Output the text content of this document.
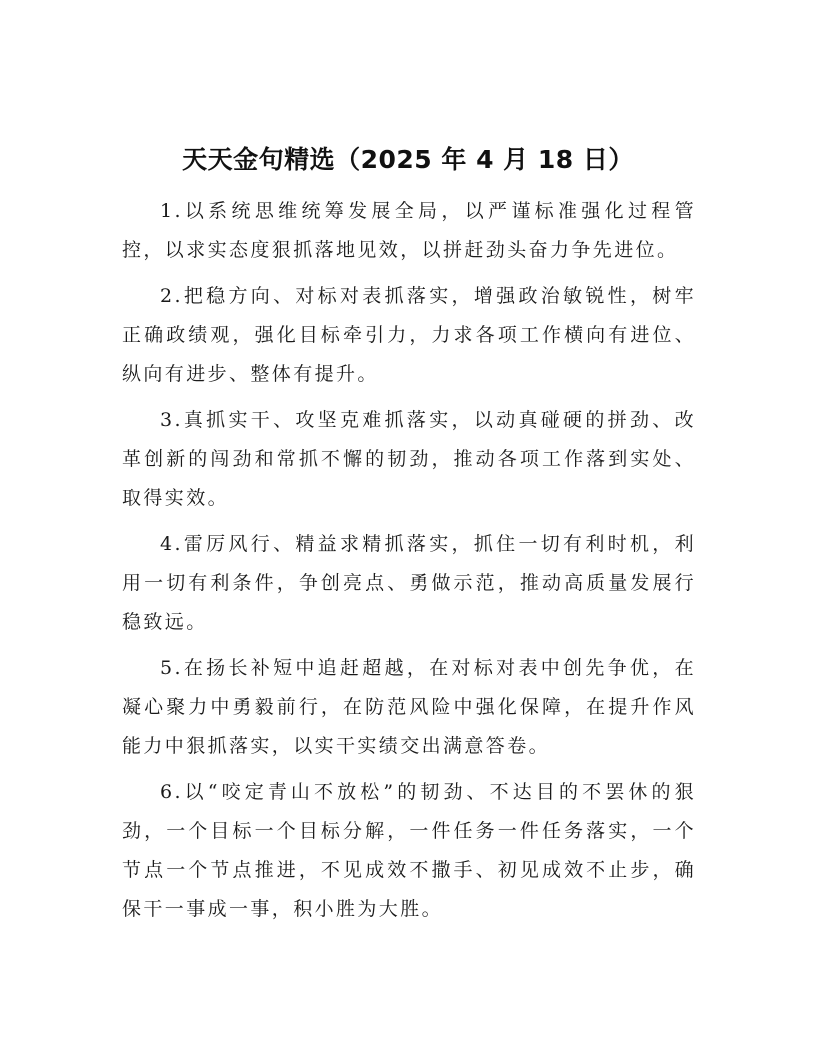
天天金句精选（2025 年 4 月 18 日）

1.以系统思维统筹发展全局，以严谨标准强化过程管控，以求实态度狠抓落地见效，以拼赶劲头奋力争先进位。

2.把稳方向、对标对表抓落实，增强政治敏锐性，树牢正确政绩观，强化目标牵引力，力求各项工作横向有进位、纵向有进步、整体有提升。

3.真抓实干、攻坚克难抓落实，以动真碰硬的拼劲、改革创新的闯劲和常抓不懈的韧劲，推动各项工作落到实处、取得实效。

4.雷厉风行、精益求精抓落实，抓住一切有利时机，利用一切有利条件，争创亮点、勇做示范，推动高质量发展行稳致远。

5.在扬长补短中追赶超越，在对标对表中创先争优，在凝心聚力中勇毅前行，在防范风险中强化保障，在提升作风能力中狠抓落实，以实干实绩交出满意答卷。

6.以“咬定青山不放松”的韧劲、不达目的不罢休的狠劲，一个目标一个目标分解，一件任务一件任务落实，一个节点一个节点推进，不见成效不撒手、初见成效不止步，确保干一事成一事，积小胜为大胜。
